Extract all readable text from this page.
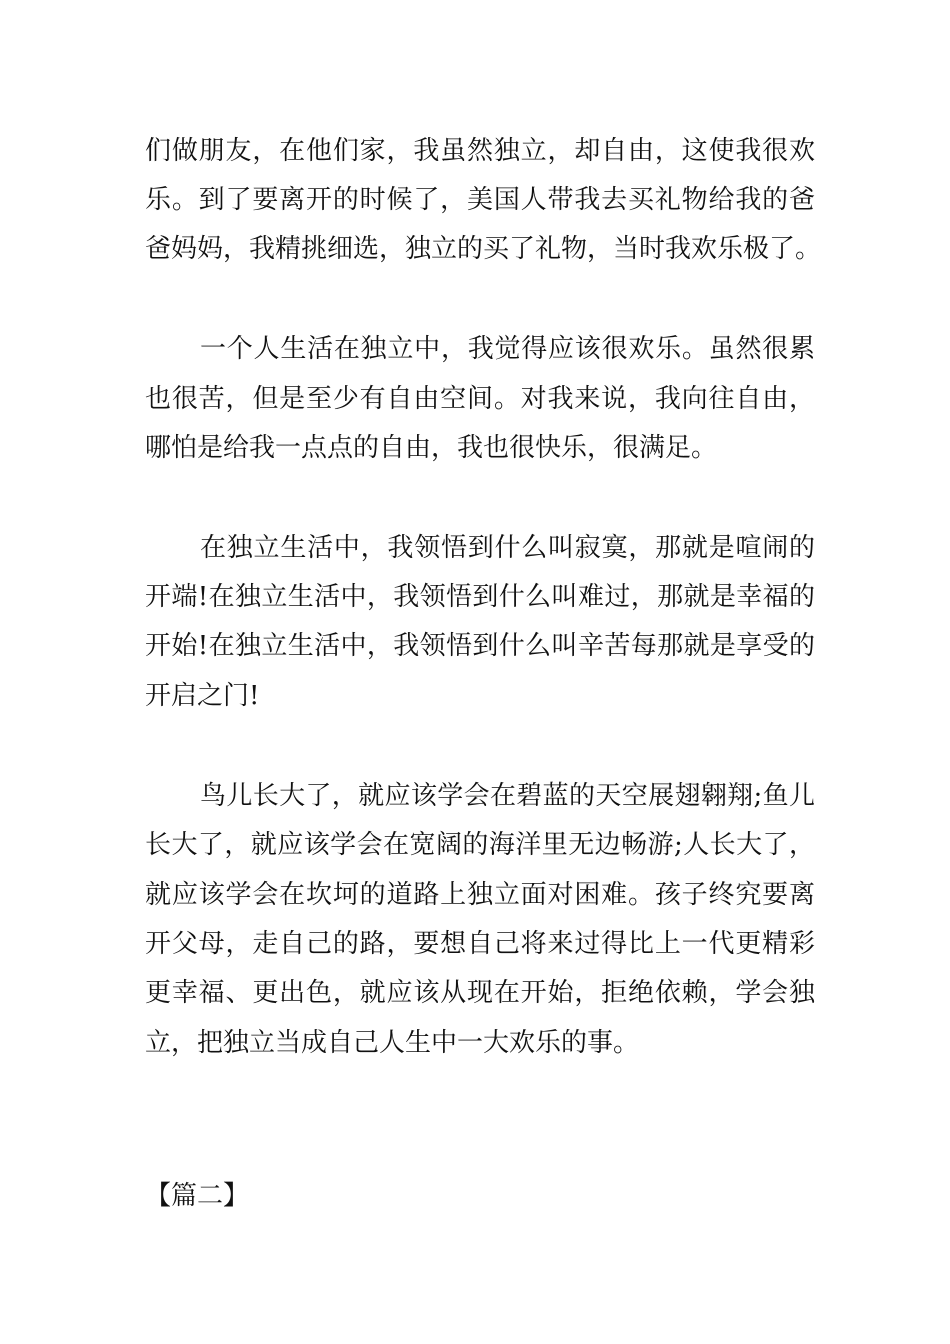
们做朋友，在他们家，我虽然独立，却自由，这使我很欢
乐。到了要离开的时候了，美国人带我去买礼物给我的爸
爸妈妈，我精挑细选，独立的买了礼物，当时我欢乐极了。
一个人生活在独立中，我觉得应该很欢乐。虽然很累
也很苦，但是至少有自由空间。对我来说，我向往自由，
哪怕是给我一点点的自由，我也很快乐，很满足。
在独立生活中，我领悟到什么叫寂寞，那就是喧闹的
开端!在独立生活中，我领悟到什么叫难过，那就是幸福的
开始!在独立生活中，我领悟到什么叫辛苦每那就是享受的
开启之门!
鸟儿长大了，就应该学会在碧蓝的天空展翅翱翔;鱼儿
长大了，就应该学会在宽阔的海洋里无边畅游;人长大了，
就应该学会在坎坷的道路上独立面对困难。孩子终究要离
开父母，走自己的路，要想自己将来过得比上一代更精彩
更幸福、更出色，就应该从现在开始，拒绝依赖，学会独
立，把独立当成自己人生中一大欢乐的事。
【篇二】
